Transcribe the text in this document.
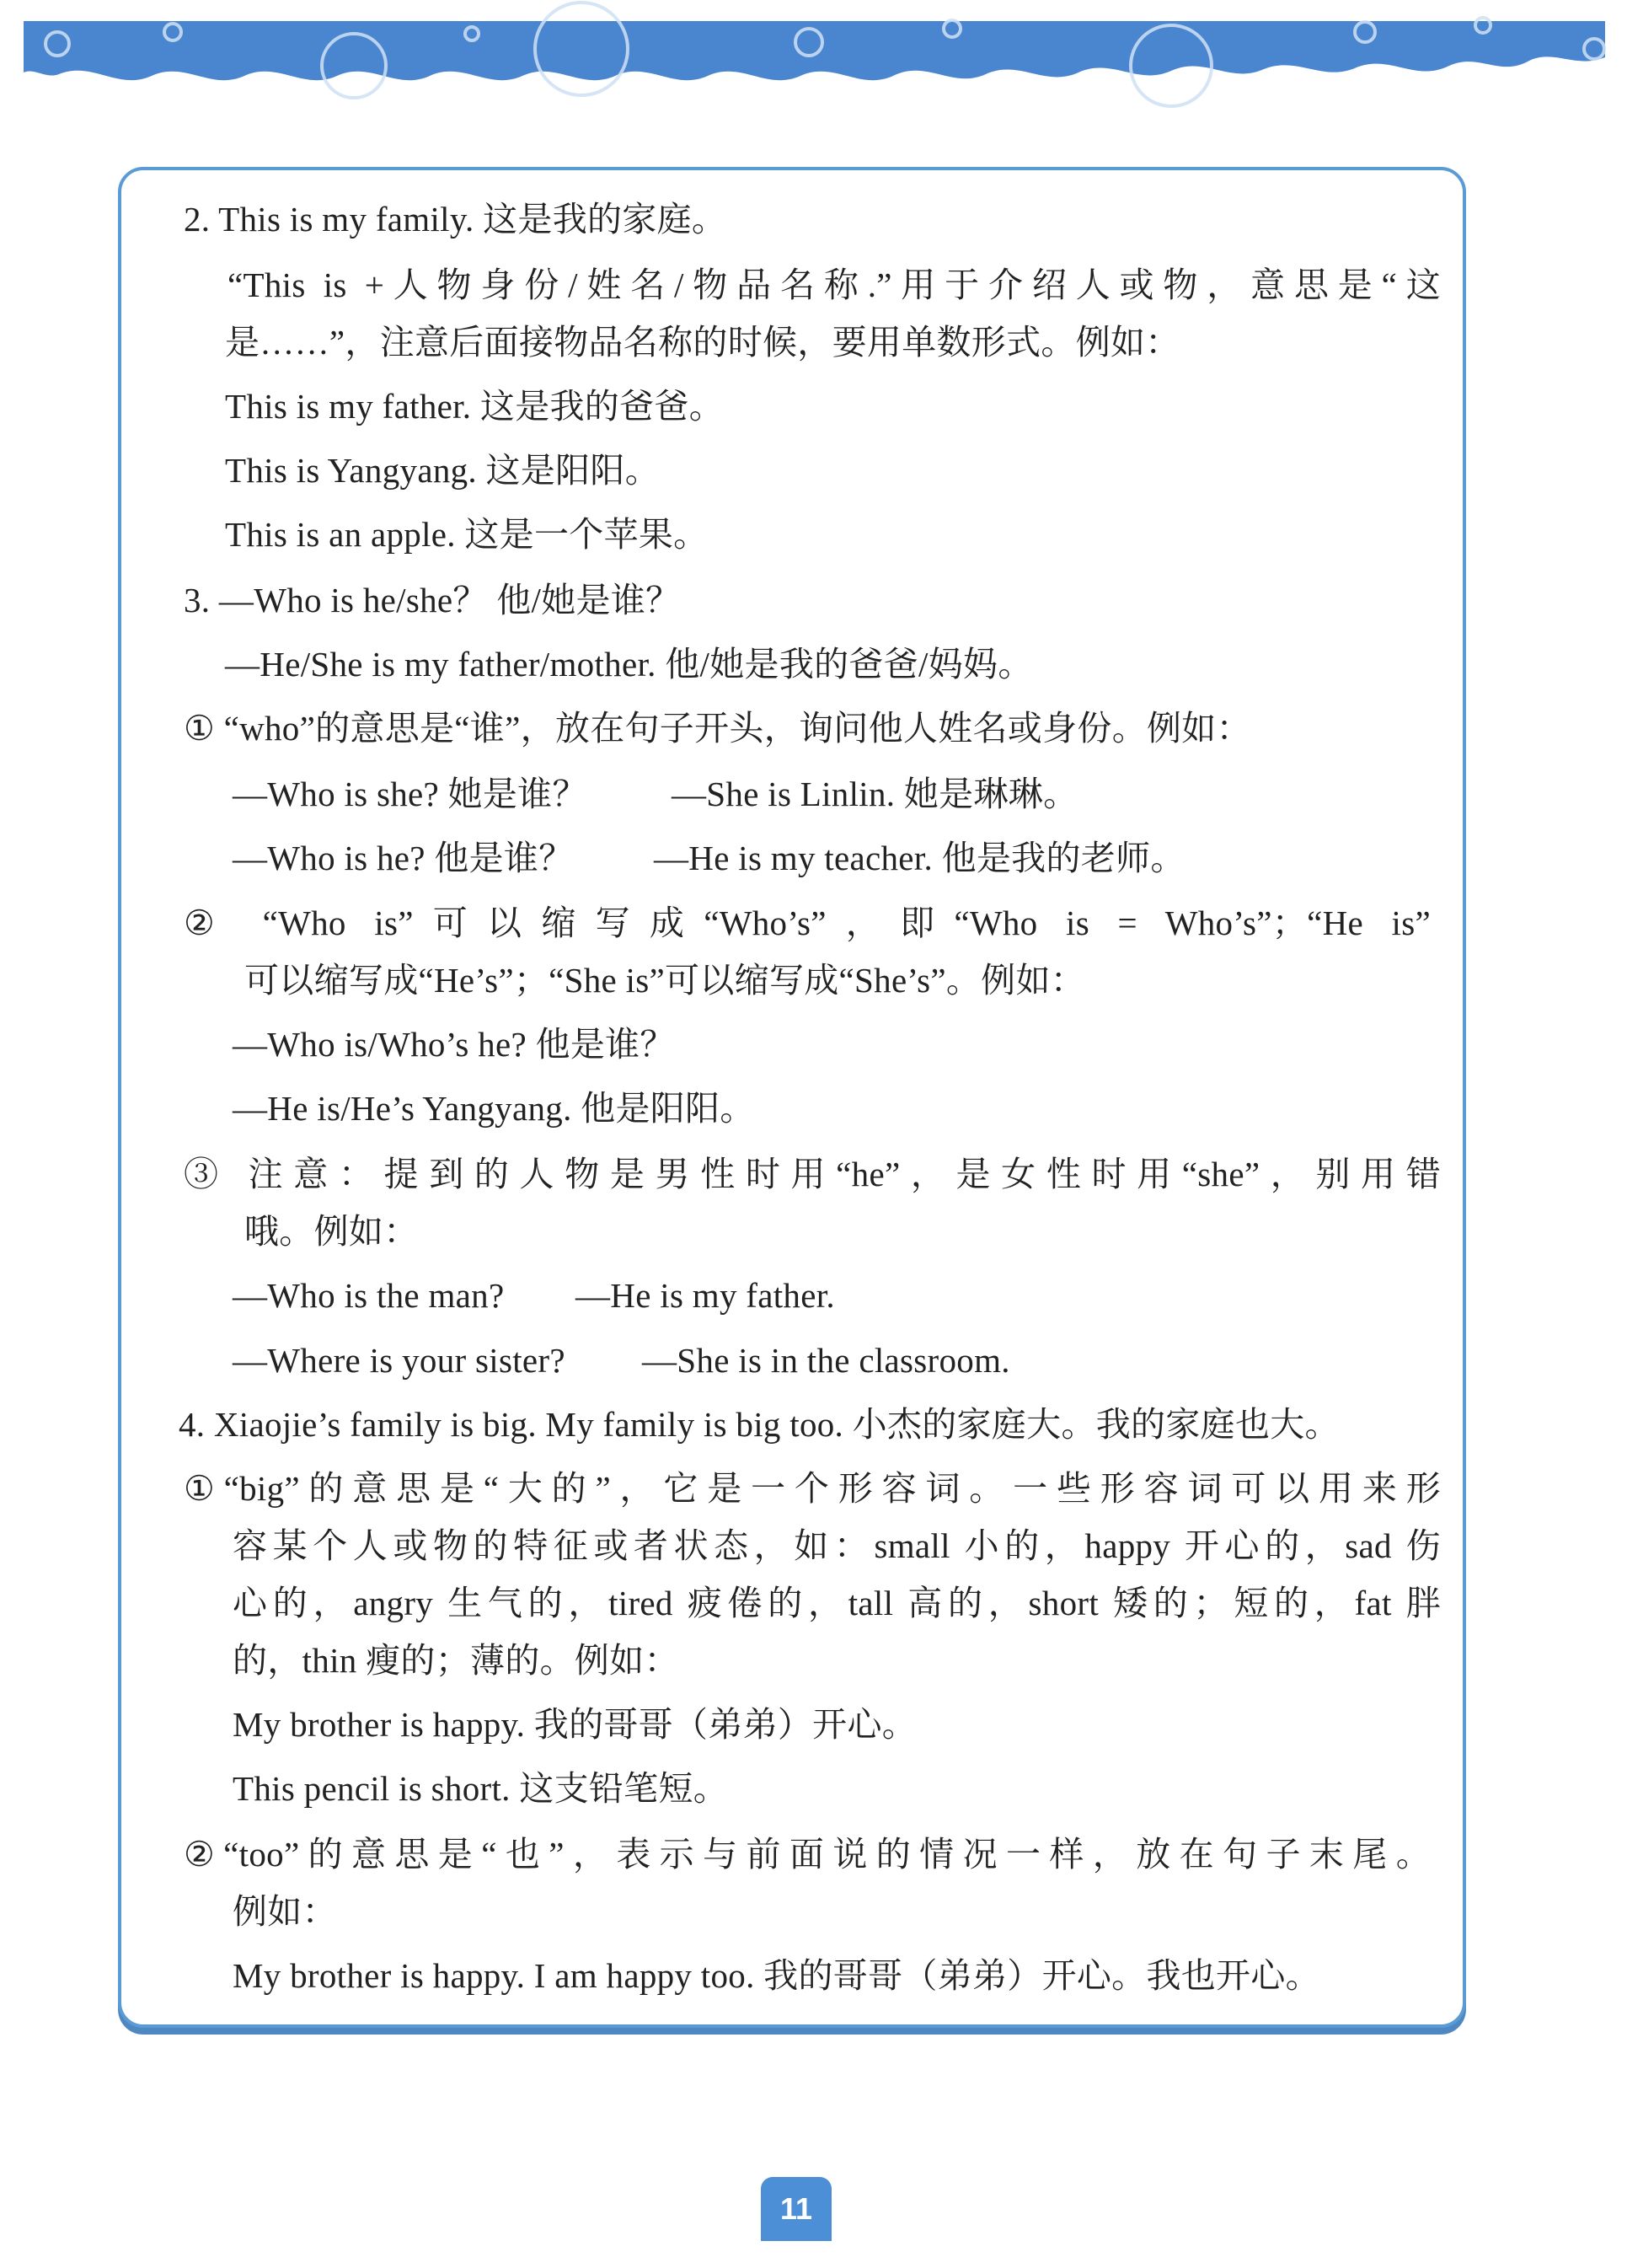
2. This is my family. 这是我的家庭。
“This is +人物身份/姓名/物品名称.”用于介绍人或物，意思是“这
是……”，注意后面接物品名称的时候，要用单数形式。例如：
This is my father. 这是我的爸爸。
This is Yangyang. 这是阳阳。
This is an apple. 这是一个苹果。
3. —Who is he/she？ 他/她是谁？
—He/She is my father/mother. 他/她是我的爸爸/妈妈。
① “who”的意思是“谁”，放在句子开头，询问他人姓名或身份。例如：
—Who is she? 她是谁？ —She is Linlin. 她是琳琳。
—Who is he? 他是谁？ —He is my teacher. 他是我的老师。
② “Who is”可以缩写成“Who’s”，即“Who is = Who’s”；“He is”
可以缩写成“He’s”；“She is”可以缩写成“She’s”。例如：
—Who is/Who’s he? 他是谁？
—He is/He’s Yangyang. 他是阳阳。
③ 注意：提到的人物是男性时用“he”，是女性时用“she”，别用错
哦。例如：
—Who is the man? —He is my father.
—Where is your sister? —She is in the classroom.
4. Xiaojie’s family is big. My family is big too. 小杰的家庭大。我的家庭也大。
①“big”的意思是“大的”，它是一个形容词。一些形容词可以用来形
容某个人或物的特征或者状态，如：small 小的，happy 开心的，sad 伤
心的，angry 生气的，tired 疲倦的，tall 高的，short 矮的；短的，fat 胖
的，thin 瘦的；薄的。例如：
My brother is happy. 我的哥哥（弟弟）开心。
This pencil is short. 这支铅笔短。
②“too”的意思是“也”，表示与前面说的情况一样，放在句子末尾。
例如：
My brother is happy. I am happy too. 我的哥哥（弟弟）开心。我也开心。
11
